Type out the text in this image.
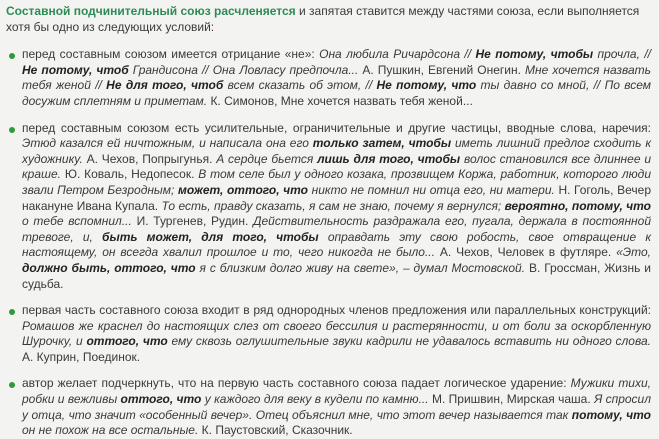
Составной подчинительный союз расчленяется и запятая ставится между частями союза, если выполняется хотя бы одно из следующих условий:

перед составным союзом имеется отрицание «не»: Она любила Ричардсона // Не потому, чтобы прочла, // Не потому, чтоб Грандисона // Она Ловласу предпочла... А. Пушкин, Евгений Онегин. Мне хочется назвать тебя женой // Не для того, чтоб всем сказать об этом, // Не потому, что ты давно со мной, // По всем досужим сплетням и приметам. К. Симонов, Мне хочется назвать тебя женой...
перед составным союзом есть усилительные, ограничительные и другие частицы, вводные слова, наречия: Этюд казался ей ничтожным, и написала она его только затем, чтобы иметь лишний предлог сходить к художнику. А. Чехов, Попрыгунья. А сердце бьется лишь для того, чтобы волос становился все длиннее и краше. Ю. Коваль, Недопесок. В том селе был у одного козака, прозвищем Коржа, работник, которого люди звали Петром Безродным; может, оттого, что никто не помнил ни отца его, ни матери. Н. Гоголь, Вечер накануне Ивана Купала. То есть, правду сказать, я сам не знаю, почему я вернулся; вероятно, потому, что о тебе вспомнил... И. Тургенев, Рудин. Действительность раздражала его, пугала, держала в постоянной тревоге, и, быть может, для того, чтобы оправдать эту свою робость, свое отвращение к настоящему, он всегда хвалил прошлое и то, чего никогда не было... А. Чехов, Человек в футляре. «Это, должно быть, оттого, что я с близким долго живу на свете», – думал Мостовской. В. Гроссман, Жизнь и судьба.
первая часть составного союза входит в ряд однородных членов предложения или параллельных конструкций: Ромашов же краснел до настоящих слез от своего бессилия и растерянности, и от боли за оскорбленную Шурочку, и оттого, что ему сквозь оглушительные звуки кадрили не удавалось вставить ни одного слова. А. Куприн, Поединок.
автор желает подчеркнуть, что на первую часть составного союза падает логическое ударение: Мужики тихи, робки и вежливы оттого, что у каждого для веку в кудели по камню... М. Пришвин, Мирская чаша. Я спросил у отца, что значит «особенный вечер». Отец объяснил мне, что этот вечер называется так потому, что он не похож на все остальные. К. Паустовский, Сказочник.
